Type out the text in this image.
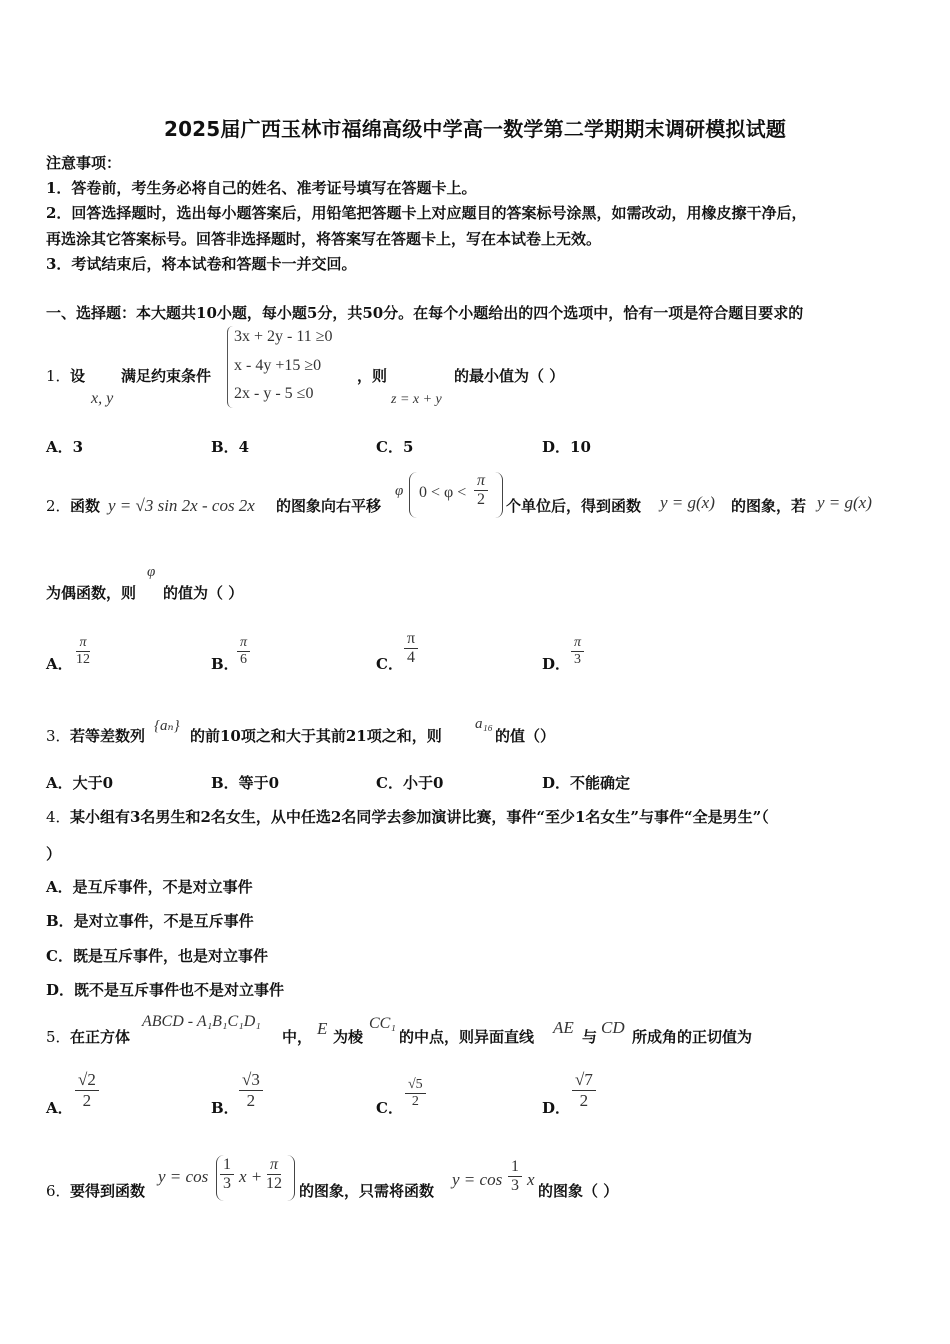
2025届广西玉林市福绵高级中学高一数学第二学期期末调研模拟试题
注意事项：
1．答卷前，考生务必将自己的姓名、准考证号填写在答题卡上。
2．回答选择题时，选出每小题答案后，用铅笔把答题卡上对应题目的答案标号涂黑，如需改动，用橡皮擦干净后，
再选涂其它答案标号。回答非选择题时，将答案写在答题卡上，写在本试卷上无效。
3．考试结束后，将本试卷和答题卡一并交回。
一、选择题：本大题共10小题，每小题5分，共50分。在每个小题给出的四个选项中，恰有一项是符合题目要求的
1． 设
x, y
满足约束条件
3x + 2y - 11 ≥0
x - 4y +15 ≥0
2x - y - 5 ≤0
，则
z = x + y
的最小值为（ ）
A．3	B．4	C．5	D．10
2． 函数 y = √3 sin 2x - cos 2x 的图象向右平移
φ $0 < \varphi < \frac{\pi}{2}$ 个单位后，得到函数 y = g(x) 的图象，若 y = g(x)
为偶函数，则
φ
的值为（ ）
A． $\frac{\pi}{12}$	B．
$\frac{\pi}{6}$	C． $\frac{\pi}{4}$	D． $\frac{\pi}{3}$
3． 若等差数列
{aₙ}
的前10项之和大于其前21项之和，则
a₁₆
的值（）
A．大于0	B．等于0	C．小于0	D．不能确定
4． 某小组有3名男生和2名女生，从中任选2名同学去参加演讲比赛，事件“至少1名女生”与事件“全是男生”（
）
A．是互斥事件，不是对立事件
B．是对立事件，不是互斥事件
C．既是互斥事件，也是对立事件
D．既不是互斥事件也不是对立事件
5． 在正方体
ABCD - A₁B₁C₁D₁
中， E 为棱
CC₁
的中点，则异面直线 AE 与 CD 所成角的正切值为
A． $\frac{√2}{2}$	B． $\frac{√3}{2}$	C． $\frac{√5}{2}$	D． $\frac{√7}{2}$
6． 要得到函数
$y = \cos \frac{1}{3}$ $x + \frac{\pi}{12}$ 的图象，只需将函数
$y = \cos \frac{1}{3}$ x
的图象（ ）
